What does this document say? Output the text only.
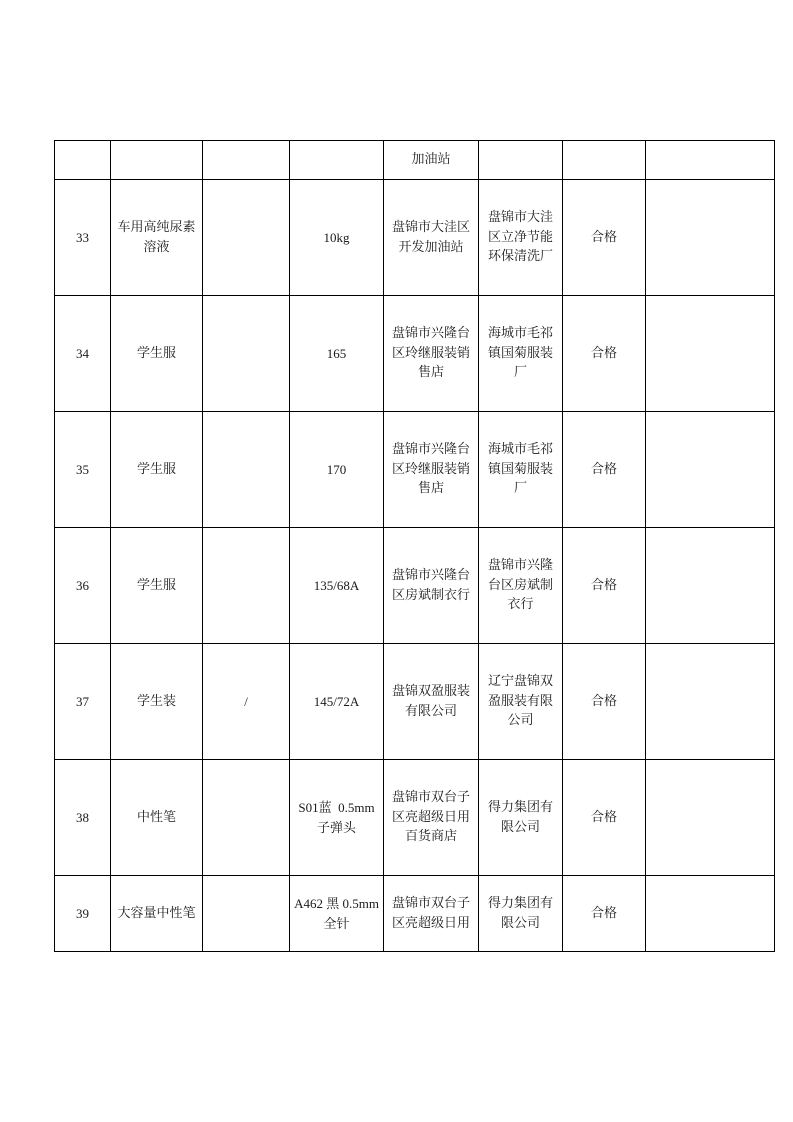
				加油站			
33	车用高纯尿素溶液		10kg	盘锦市大洼区开发加油站	盘锦市大洼区立净节能环保清洗厂	合格	
34	学生服		165	盘锦市兴隆台区玲继服装销售店	海城市毛祁镇国菊服装厂	合格	
35	学生服		170	盘锦市兴隆台区玲继服装销售店	海城市毛祁镇国菊服装厂	合格	
36	学生服		135/68A	盘锦市兴隆台区房斌制衣行	盘锦市兴隆台区房斌制衣行	合格	
37	学生装	/	145/72A	盘锦双盈服装有限公司	辽宁盘锦双盈服装有限公司	合格	
38	中性笔		S01蓝  0.5mm子弹头	盘锦市双台子区亮超级日用百货商店	得力集团有限公司	合格	
39	大容量中性笔		A462 黑 0.5mm   全针	盘锦市双台子区亮超级日用	得力集团有限公司	合格	
